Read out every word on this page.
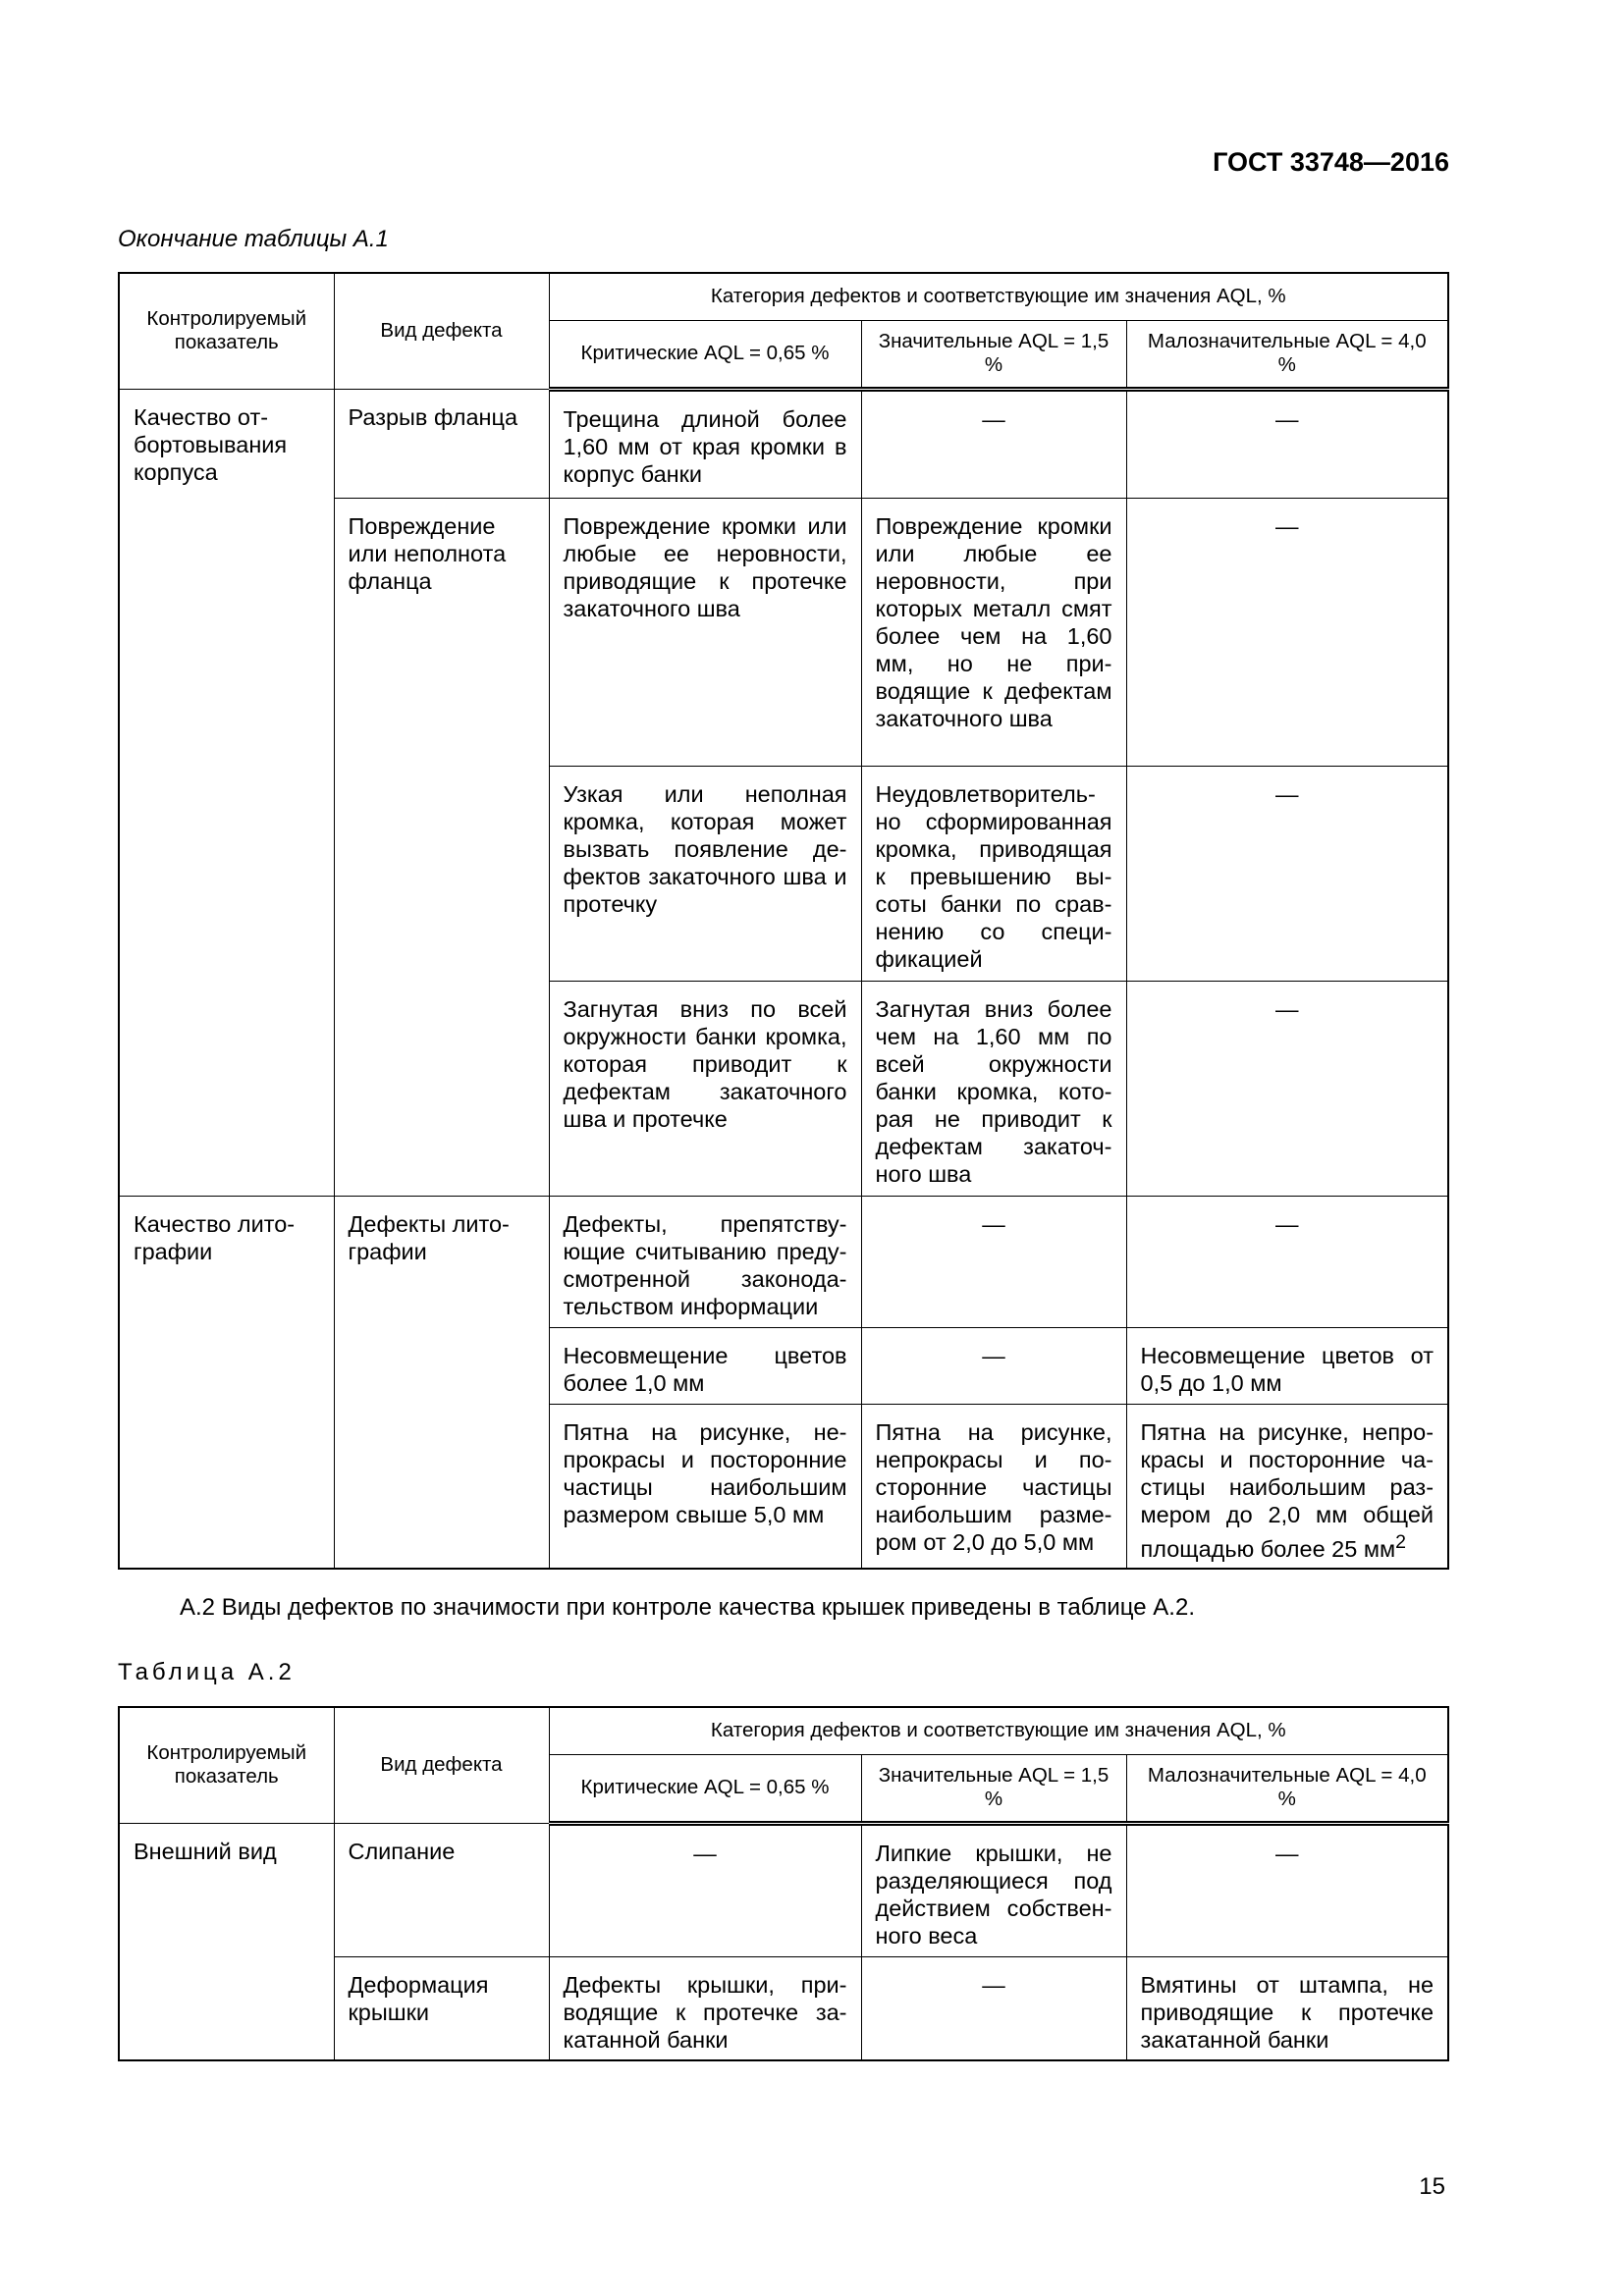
ГОСТ 33748—2016
Окончание таблицы А.1
Контролируемый показатель	Вид дефекта	Категория дефектов и соответствующие им значения AQL, %		
		Критические AQL = 0,65 %	Значительные AQL = 1,5 %	Малозначительные AQL = 4,0 %
Качество отбортовывания корпуса	Разрыв фланца	Трещина длиной более 1,60 мм от края кромки в корпус банки	—	—
	Повреждение или неполнота фланца	Повреждение кромки или любые ее неровности, приводящие к протечке закаточного шва	Повреждение кромки или любые ее неровности, при которых металл смят более чем на 1,60 мм, но не приводящие к дефектам закаточного шва	—
		Узкая или неполная кромка, которая может вызвать появление дефектов закаточного шва и протечку	Неудовлетворительно сформированная кромка, приводящая к превышению высоты банки по сравнению со спецификацией	—
		Загнутая вниз по всей окружности банки кромка, которая приводит к дефектам закаточного шва и протечке	Загнутая вниз более чем на 1,60 мм по всей окружности банки кромка, которая не приводит к дефектам закаточного шва	—
Качество литографии	Дефекты литографии	Дефекты, препятствующие считыванию предусмотренной законодательством информации	—	—
		Несовмещение цветов более 1,0 мм	—	Несовмещение цветов от 0,5 до 1,0 мм
		Пятна на рисунке, непрокрасы и посторонние частицы наибольшим размером свыше 5,0 мм	Пятна на рисунке, непрокрасы и посторонние частицы наибольшим размером от 2,0 до 5,0 мм	Пятна на рисунке, непрокрасы и посторонние частицы наибольшим размером до 2,0 мм общей площадью более 25 $мм^2$
А.2 Виды дефектов по значимости при контроле качества крышек приведены в таблице А.2.
Таблица А.2
Контролируемый показатель	Вид дефекта	Категория дефектов и соответствующие им значения AQL, %		
		Критические AQL = 0,65 %	Значительные AQL = 1,5 %	Малозначительные AQL = 4,0 %
Внешний вид	Слипание	—	Липкие крышки, не разделяющиеся под действием собственного веса	—
	Деформация крышки	Дефекты крышки, приводящие к протечке закатанной банки	—	Вмятины от штампа, не приводящие к протечке закатанной банки
15
